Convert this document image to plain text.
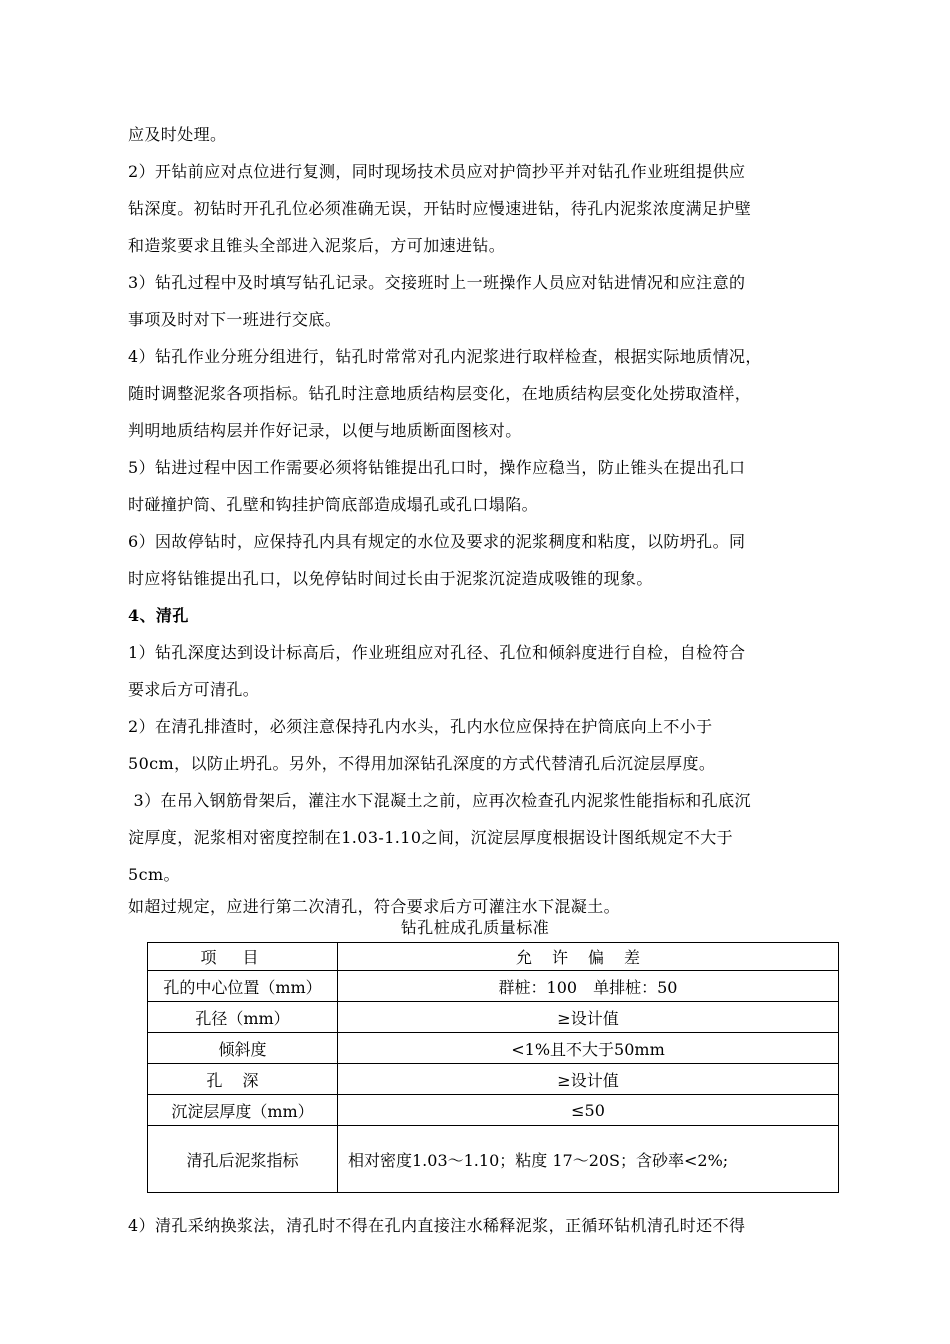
应及时处理。
2）开钻前应对点位进行复测，同时现场技术员应对护筒抄平并对钻孔作业班组提供应
钻深度。初钻时开孔孔位必须准确无误，开钻时应慢速进钻，待孔内泥浆浓度满足护壁
和造浆要求且锥头全部进入泥浆后，方可加速进钻。
3）钻孔过程中及时填写钻孔记录。交接班时上一班操作人员应对钻进情况和应注意的
事项及时对下一班进行交底。
4）钻孔作业分班分组进行，钻孔时常常对孔内泥浆进行取样检查，根据实际地质情况，
随时调整泥浆各项指标。钻孔时注意地质结构层变化，在地质结构层变化处捞取渣样，
判明地质结构层并作好记录，以便与地质断面图核对。
5）钻进过程中因工作需要必须将钻锥提出孔口时，操作应稳当，防止锥头在提出孔口
时碰撞护筒、孔壁和钩挂护筒底部造成塌孔或孔口塌陷。
6）因故停钻时，应保持孔内具有规定的水位及要求的泥浆稠度和粘度，以防坍孔。同
时应将钻锥提出孔口，以免停钻时间过长由于泥浆沉淀造成吸锥的现象。
4、清孔
1）钻孔深度达到设计标高后，作业班组应对孔径、孔位和倾斜度进行自检，自检符合
要求后方可清孔。
2）在清孔排渣时，必须注意保持孔内水头，孔内水位应保持在护筒底向上不小于
50cm，以防止坍孔。另外，不得用加深钻孔深度的方式代替清孔后沉淀层厚度。
3）在吊入钢筋骨架后，灌注水下混凝土之前，应再次检查孔内泥浆性能指标和孔底沉
淀厚度，泥浆相对密度控制在1.03-1.10之间，沉淀层厚度根据设计图纸规定不大于
5cm。
如超过规定，应进行第二次清孔，符合要求后方可灌注水下混凝土。
钻孔桩成孔质量标准
项目	允许偏差
孔的中心位置（mm）	群桩：100　单排桩：50
孔径（mm）	≥设计值
倾斜度	<1%且不大于50mm
孔深	≥设计值
沉淀层厚度（mm）	≤50
清孔后泥浆指标	相对密度1.03～1.10；粘度 17～20S；含砂率<2%;
4）清孔采纳换浆法，清孔时不得在孔内直接注水稀释泥浆，正循环钻机清孔时还不得
